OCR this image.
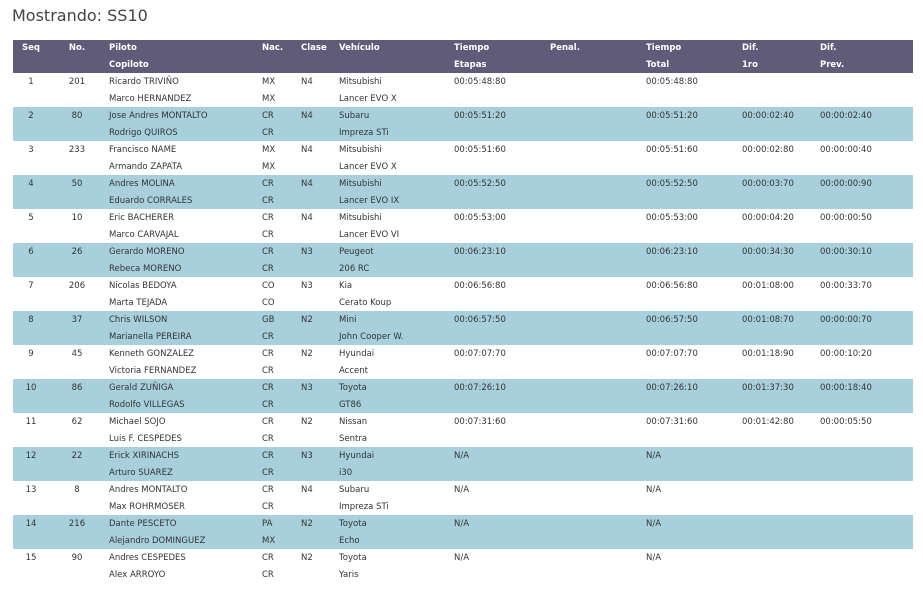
Mostrando: SS10
Seq	No.	Piloto	Nac.	Clase	Vehículo	Tiempo	Penal.	Tiempo	Dif.	Dif.
		Copiloto				Etapas		Total	1ro	Prev.
1	201	Ricardo TRIVIÑO	MX	N4	Mitsubishi	00:05:48:80		00:05:48:80		
		Marco HERNANDEZ	MX		Lancer EVO X					
2	80	Jose Andres MONTALTO	CR	N4	Subaru	00:05:51:20		00:05:51:20	00:00:02:40	00:00:02:40
		Rodrigo QUIROS	CR		Impreza STi					
3	233	Francisco NAME	MX	N4	Mitsubishi	00:05:51:60		00:05:51:60	00:00:02:80	00:00:00:40
		Armando ZAPATA	MX		Lancer EVO X					
4	50	Andres MOLINA	CR	N4	Mitsubishi	00:05:52:50		00:05:52:50	00:00:03:70	00:00:00:90
		Eduardo CORRALES	CR		Lancer EVO IX					
5	10	Eric BACHERER	CR	N4	Mitsubishi	00:05:53:00		00:05:53:00	00:00:04:20	00:00:00:50
		Marco CARVAJAL	CR		Lancer EVO VI					
6	26	Gerardo MORENO	CR	N3	Peugeot	00:06:23:10		00:06:23:10	00:00:34:30	00:00:30:10
		Rebeca MORENO	CR		206 RC					
7	206	Nicolas BEDOYA	CO	N3	Kia	00:06:56:80		00:06:56:80	00:01:08:00	00:00:33:70
		Marta TEJADA	CO		Cerato Koup					
8	37	Chris WILSON	GB	N2	Mini	00:06:57:50		00:06:57:50	00:01:08:70	00:00:00:70
		Marianella PEREIRA	CR		John Cooper W.					
9	45	Kenneth GONZALEZ	CR	N2	Hyundai	00:07:07:70		00:07:07:70	00:01:18:90	00:00:10:20
		Victoria FERNANDEZ	CR		Accent					
10	86	Gerald ZUÑIGA	CR	N3	Toyota	00:07:26:10		00:07:26:10	00:01:37:30	00:00:18:40
		Rodolfo VILLEGAS	CR		GT86					
11	62	Michael SOJO	CR	N2	Nissan	00:07:31:60		00:07:31:60	00:01:42:80	00:00:05:50
		Luis F. CESPEDES	CR		Sentra					
12	22	Erick XIRINACHS	CR	N3	Hyundai	N/A		N/A		
		Arturo SUAREZ	CR		i30					
13	8	Andres MONTALTO	CR	N4	Subaru	N/A		N/A		
		Max ROHRMOSER	CR		Impreza STi					
14	216	Dante PESCETO	PA	N2	Toyota	N/A		N/A		
		Alejandro DOMINGUEZ	MX		Echo					
15	90	Andres CESPEDES	CR	N2	Toyota	N/A		N/A		
		Alex ARROYO	CR		Yaris					
